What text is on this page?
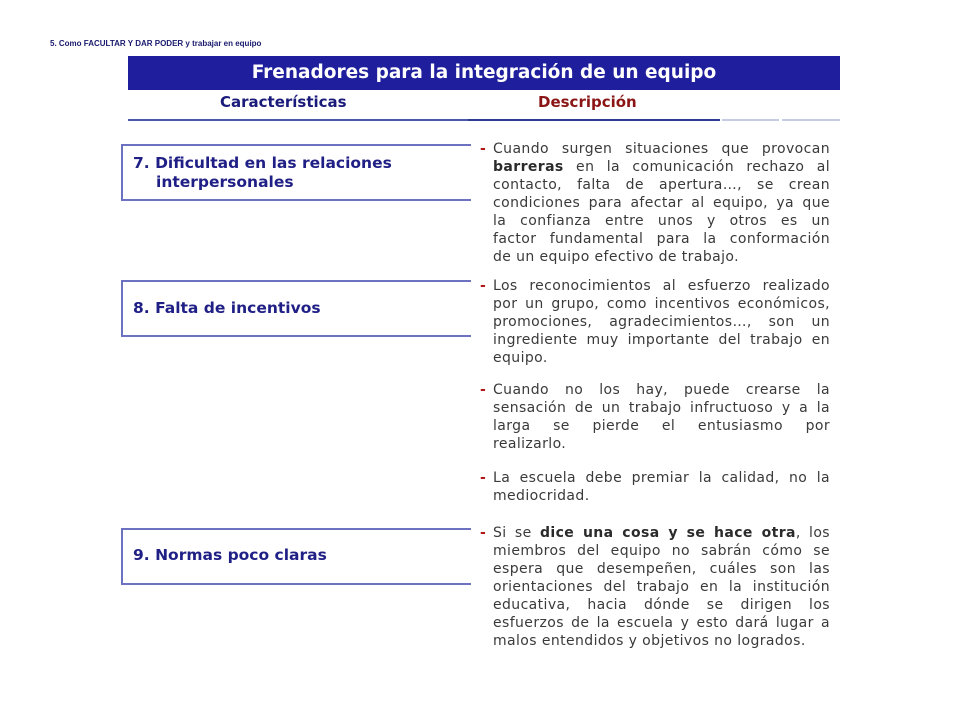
5. Como FACULTAR Y DAR PODER y trabajar en equipo
Frenadores para la integración de un equipo
Características	Descripción
7. Dificultad en las relaciones
interpersonales
- Cuando surgen situaciones que provocan
barreras en la comunicación rechazo al
contacto, falta de apertura…, se crean
condiciones para afectar al equipo, ya que
la confianza entre unos y otros es un
factor fundamental para la conformación
de un equipo efectivo de trabajo.
8. Falta de incentivos
- Los reconocimientos al esfuerzo realizado
por un grupo, como incentivos económicos,
promociones, agradecimientos…, son un
ingrediente muy importante del trabajo en
equipo.
- Cuando no los hay, puede crearse la
sensación de un trabajo infructuoso y a la
larga se pierde el entusiasmo por
realizarlo.
- La escuela debe premiar la calidad, no la
mediocridad.
9. Normas poco claras
- Si se dice una cosa y se hace otra, los
miembros del equipo no sabrán cómo se
espera que desempeñen, cuáles son las
orientaciones del trabajo en la institución
educativa, hacia dónde se dirigen los
esfuerzos de la escuela y esto dará lugar a
malos entendidos y objetivos no logrados.
